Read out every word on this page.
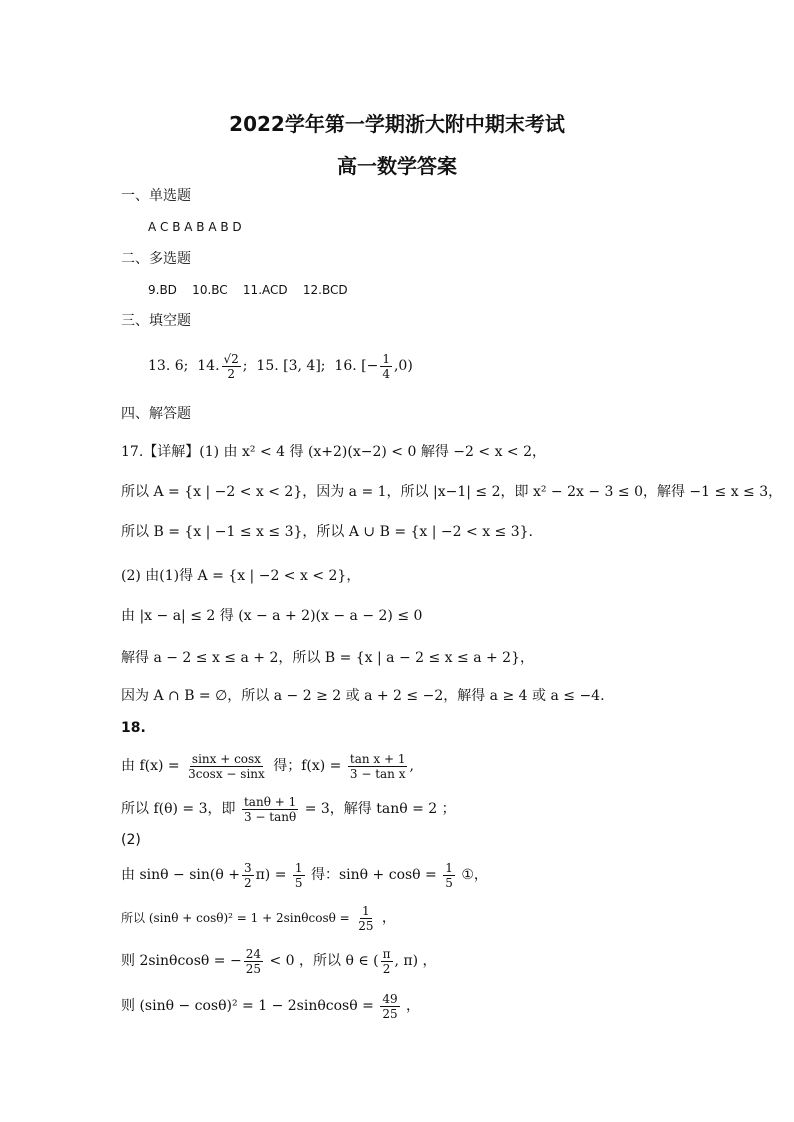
2022学年第一学期浙大附中期末考试
高一数学答案
一、单选题
A C B A B A B D
二、多选题
9.BD    10.BC    11.ACD    12.BCD
三、填空题
13. 6; 14. $\frac{√2}{2}$ ; 15. [3, 4]; 16. [− $\frac{1}{4} ,0$)
四、解答题
17.【详解】(1) 由 x² < 4 得 (x+2)(x−2) < 0 解得 −2 < x < 2，
所以 A = {x | −2 < x < 2}，因为 a = 1，所以 |x−1| ≤ 2，即 x² − 2x − 3 ≤ 0，解得 −1 ≤ x ≤ 3，
所以 B = {x | −1 ≤ x ≤ 3}，所以 A ∪ B = {x | −2 < x ≤ 3}.
(2) 由(1)得 A = {x | −2 < x < 2}，
由 |x − a| ≤ 2 得 (x − a + 2)(x − a − 2) ≤ 0
解得 a − 2 ≤ x ≤ a + 2，所以 B = {x | a − 2 ≤ x ≤ a + 2}，
因为 A ∩ B = ∅，所以 a − 2 ≥ 2 或 a + 2 ≤ −2，解得 a ≥ 4 或 a ≤ −4.
18.
由 $f(x) = \frac{\sin x + \cos x}{3\cos x - \sin x}$ 得；$f(x) = \frac{\text{tan x + 1}}{\text{3 − tan x}}$ ,
所以 f(θ) = 3，即 $\frac{\tan\theta + 1}{3 - \tan\theta} = 3$，解得 tanθ = 2 ；
(2)
由 $\sin\theta - \sin(\theta + \frac{3}{2} \pi) = \frac{1}{5}$ 得：$\sin\theta + \cos\theta = \frac{1}{5}$ ①，
所以 $(\sin\theta + \cos\theta)^2 = 1 + 2\sin\theta\cos\theta = \frac{1}{25}$ ，
则 2sinθcosθ = − $\frac{24}{25} < 0$ ，所以 θ ∈ ( $\frac{\pi}{2}$ , π) ，
则 $(\sin\theta - \cos\theta)^2 = 1 - 2\sin\theta\cos\theta = \frac{49}{25}$ ，
